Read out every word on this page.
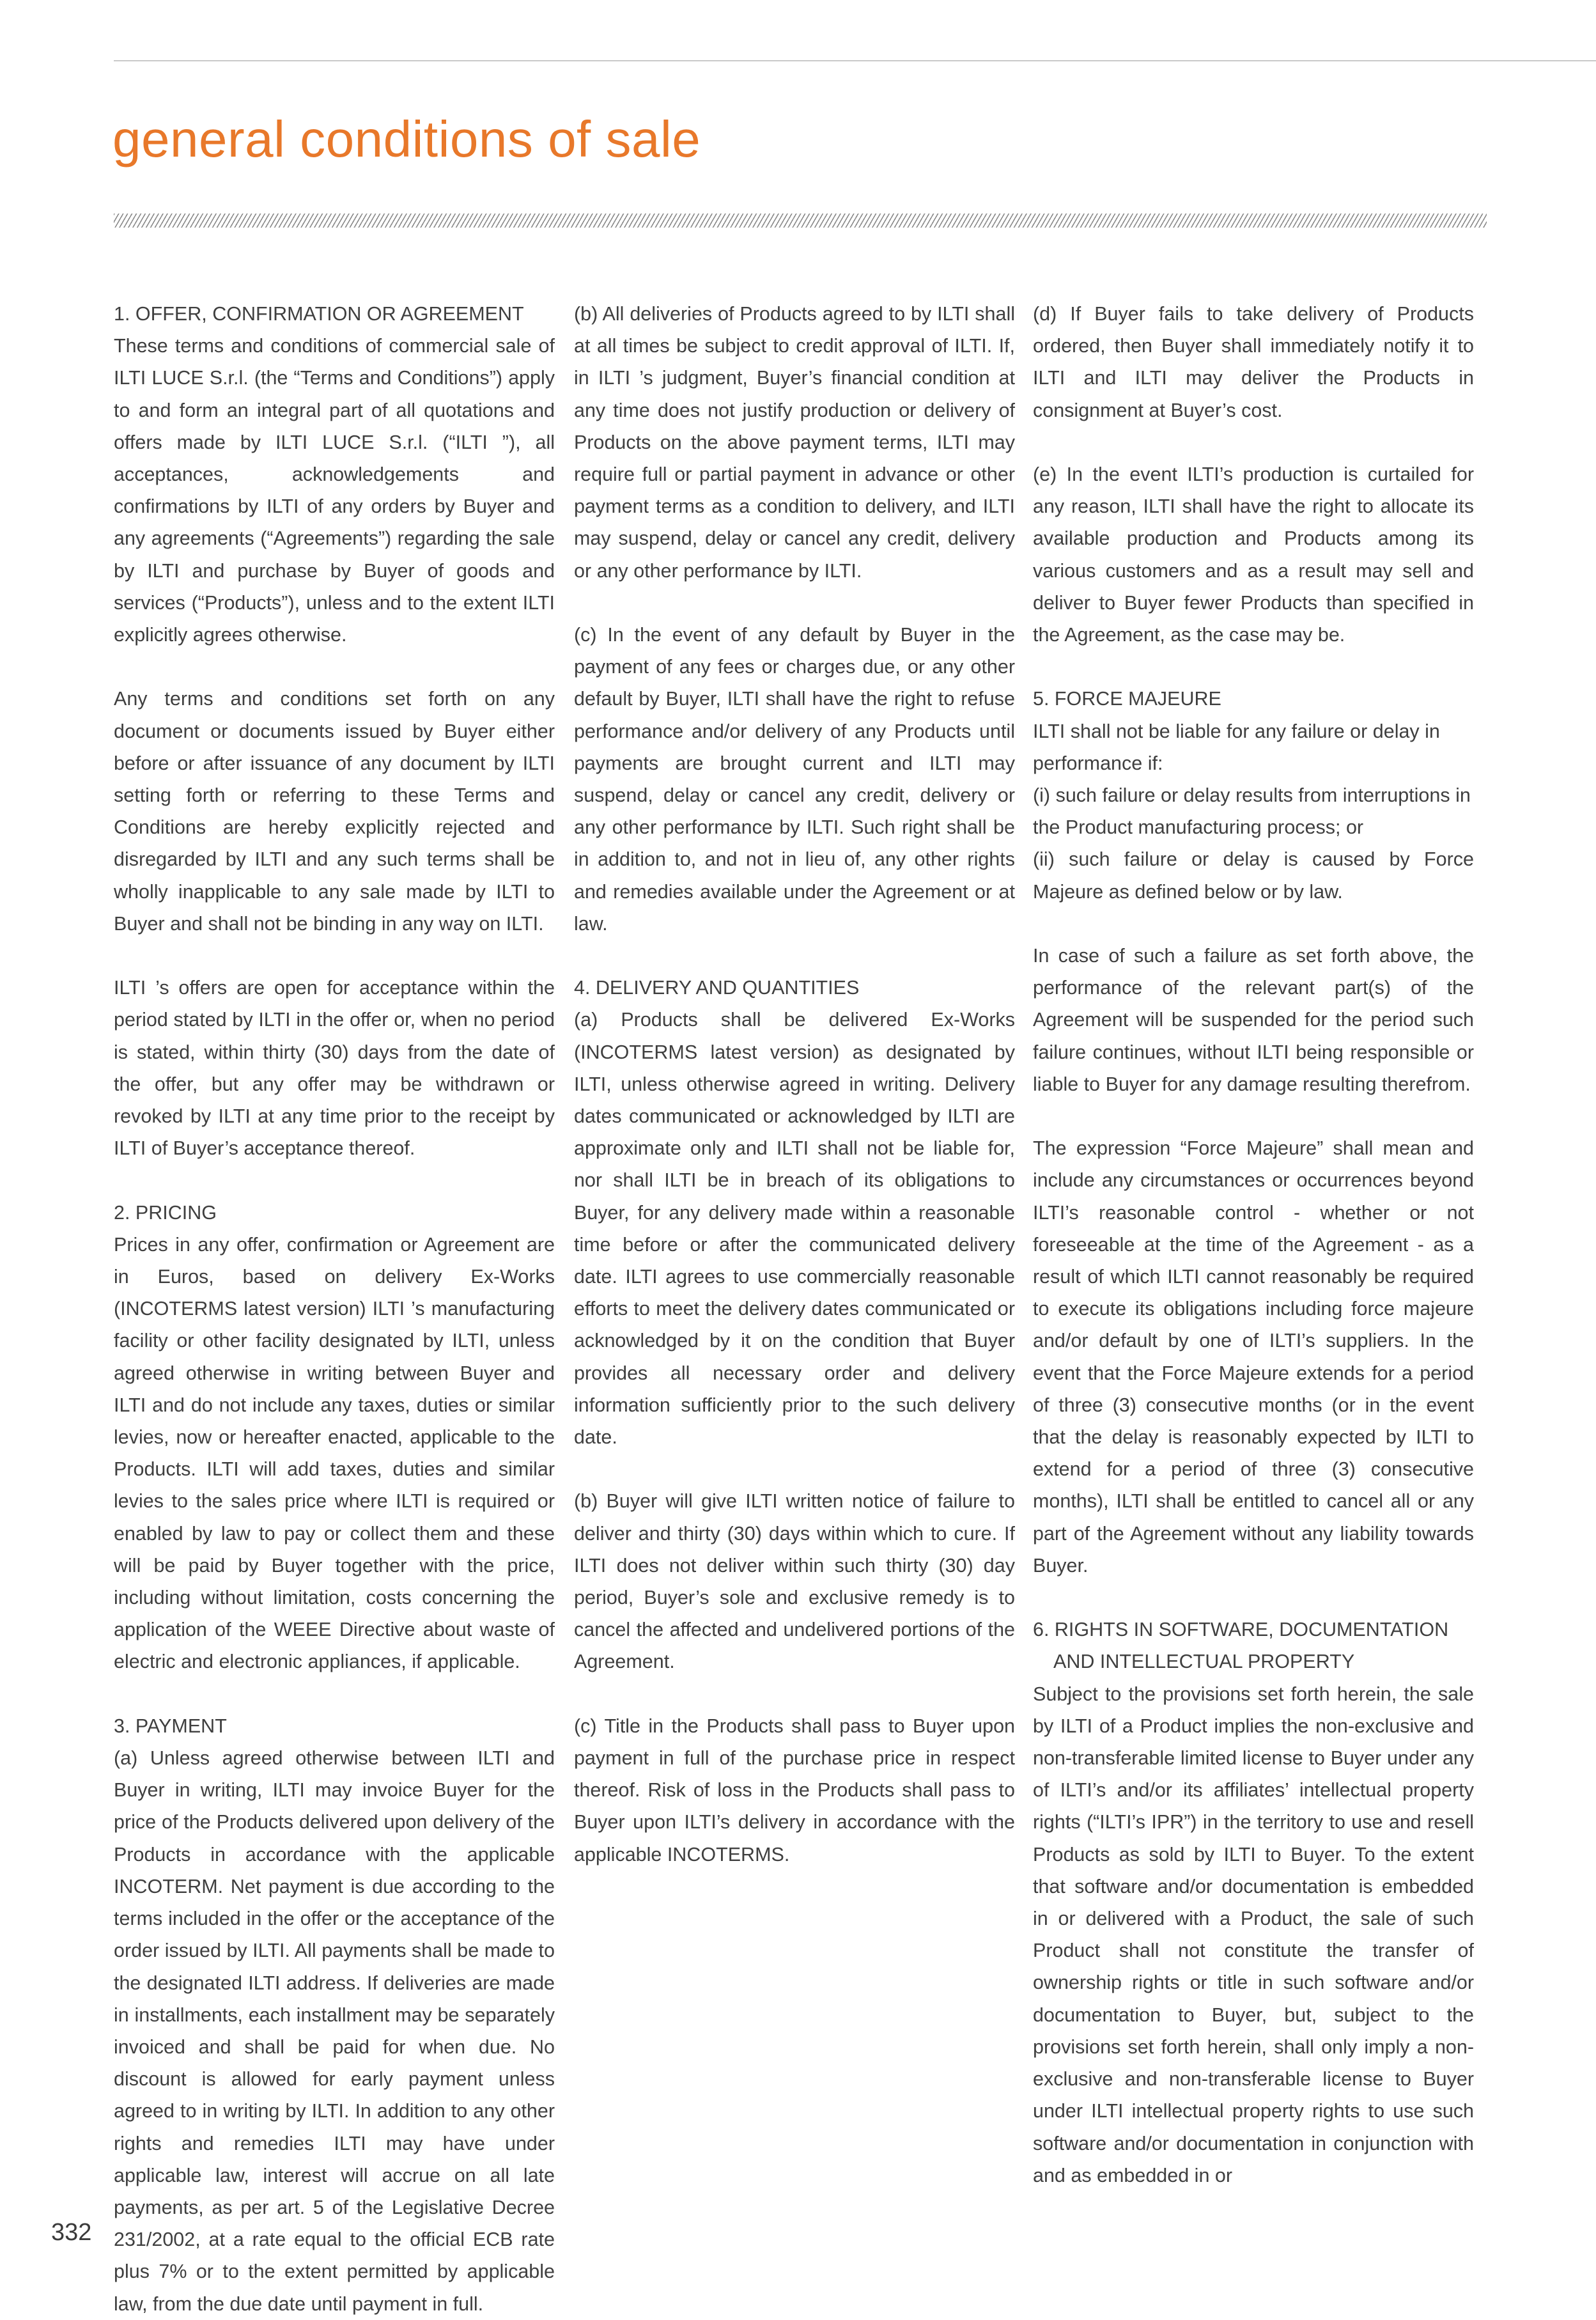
general conditions of sale
1. OFFER, CONFIRMATION OR AGREEMENT

These terms and conditions of commercial sale of ILTI LUCE S.r.l. (the “Terms and Conditions”) apply to and form an integral part of all quotations and offers made by ILTI LUCE S.r.l. (“ILTI ”), all acceptances, acknowledgements and confirmations by ILTI of any orders by Buyer and any agreements (“Agreements”) regarding the sale by ILTI and purchase by Buyer of goods and services (“Products”), unless and to the extent ILTI explicitly agrees otherwise.

Any terms and conditions set forth on any document or documents issued by Buyer either before or after issuance of any document by ILTI setting forth or referring to these Terms and Conditions are hereby explicitly rejected and disregarded by ILTI and any such terms shall be wholly inapplicable to any sale made by ILTI to Buyer and shall not be binding in any way on ILTI.

ILTI ’s offers are open for acceptance within the period stated by ILTI in the offer or, when no period is stated, within thirty (30) days from the date of the offer, but any offer may be withdrawn or revoked by ILTI at any time prior to the receipt by ILTI of Buyer’s acceptance thereof.

2. PRICING

Prices in any offer, confirmation or Agreement are in Euros, based on delivery Ex-Works (INCOTERMS latest version) ILTI ’s manufacturing facility or other facility designated by ILTI, unless agreed otherwise in writing between Buyer and ILTI and do not include any taxes, duties or similar levies, now or hereafter enacted, applicable to the Products. ILTI will add taxes, duties and similar levies to the sales price where ILTI is required or enabled by law to pay or collect them and these will be paid by Buyer together with the price, including without limitation, costs concerning the application of the WEEE Directive about waste of electric and electronic appliances, if applicable.

3. PAYMENT

(a) Unless agreed otherwise between ILTI and Buyer in writing, ILTI may invoice Buyer for the price of the Products delivered upon delivery of the Products in accordance with the applicable INCOTERM. Net payment is due according to the terms included in the offer or the acceptance of the order issued by ILTI. All payments shall be made to the designated ILTI address. If deliveries are made in installments, each installment may be separately invoiced and shall be paid for when due. No discount is allowed for early payment unless agreed to in writing by ILTI. In addition to any other rights and remedies ILTI may have under applicable law, interest will accrue on all late payments, as per art. 5 of the Legislative Decree 231/2002, at a rate equal to the official ECB rate plus 7% or to the extent permitted by applicable law, from the due date until payment in full.

(b) All deliveries of Products agreed to by ILTI shall at all times be subject to credit approval of ILTI. If, in ILTI ’s judgment, Buyer’s financial condition at any time does not justify production or delivery of Products on the above payment terms, ILTI may require full or partial payment in advance or other payment terms as a condition to delivery, and ILTI may suspend, delay or cancel any credit, delivery or any other performance by ILTI.

(c) In the event of any default by Buyer in the payment of any fees or charges due, or any other default by Buyer, ILTI shall have the right to refuse performance and/or delivery of any Products until payments are brought current and ILTI may suspend, delay or cancel any credit, delivery or any other performance by ILTI. Such right shall be in addition to, and not in lieu of, any other rights and remedies available under the Agreement or at law.

4. DELIVERY AND QUANTITIES

(a) Products shall be delivered Ex-Works (INCOTERMS latest version) as designated by ILTI, unless otherwise agreed in writing. Delivery dates communicated or acknowledged by ILTI are approximate only and ILTI shall not be liable for, nor shall ILTI be in breach of its obligations to Buyer, for any delivery made within a reasonable time before or after the communicated delivery date. ILTI agrees to use commercially reasonable efforts to meet the delivery dates communicated or acknowledged by it on the condition that Buyer provides all necessary order and delivery information sufficiently prior to the such delivery date.

(b) Buyer will give ILTI written notice of failure to deliver and thirty (30) days within which to cure. If ILTI does not deliver within such thirty (30) day period, Buyer’s sole and exclusive remedy is to cancel the affected and undelivered portions of the Agreement.

(c) Title in the Products shall pass to Buyer upon payment in full of the purchase price in respect thereof. Risk of loss in the Products shall pass to Buyer upon ILTI’s delivery in accordance with the applicable INCOTERMS.

(d) If Buyer fails to take delivery of Products ordered, then Buyer shall immediately notify it to ILTI and ILTI may deliver the Products in consignment at Buyer’s cost.

(e) In the event ILTI’s production is curtailed for any reason, ILTI shall have the right to allocate its available production and Products among its various customers and as a result may sell and deliver to Buyer fewer Products than specified in the Agreement, as the case may be.

5. FORCE MAJEURE
ILTI shall not be liable for any failure or delay in performance if:
(i) such failure or delay results from interruptions in the Product manufacturing process; or

(ii) such failure or delay is caused by Force Majeure as defined below or by law.

In case of such a failure as set forth above, the performance of the relevant part(s) of the Agreement will be suspended for the period such failure continues, without ILTI being responsible or liable to Buyer for any damage resulting therefrom.

The expression “Force Majeure” shall mean and include any circumstances or occurrences beyond ILTI’s reasonable control - whether or not foreseeable at the time of the Agreement - as a result of which ILTI cannot reasonably be required to execute its obligations including force majeure and/or default by one of ILTI’s suppliers. In the event that the Force Majeure extends for a period of three (3) consecutive months (or in the event that the delay is reasonably expected by ILTI to extend for a period of three (3) consecutive months), ILTI shall be entitled to cancel all or any part of the Agreement without any liability towards Buyer.

6. RIGHTS IN SOFTWARE, DOCUMENTATION
AND INTELLECTUAL PROPERTY

Subject to the provisions set forth herein, the sale by ILTI of a Product implies the non-exclusive and non-transferable limited license to Buyer under any of ILTI’s and/or its affiliates’ intellectual property rights (“ILTI’s IPR”) in the territory to use and resell Products as sold by ILTI to Buyer. To the extent that software and/or documentation is embedded in or delivered with a Product, the sale of such Product shall not constitute the transfer of ownership rights or title in such software and/or documentation to Buyer, but, subject to the provisions set forth herein, shall only imply a non-exclusive and non-transferable license to Buyer under ILTI intellectual property rights to use such software and/or documentation in conjunction with and as embedded in or

332
